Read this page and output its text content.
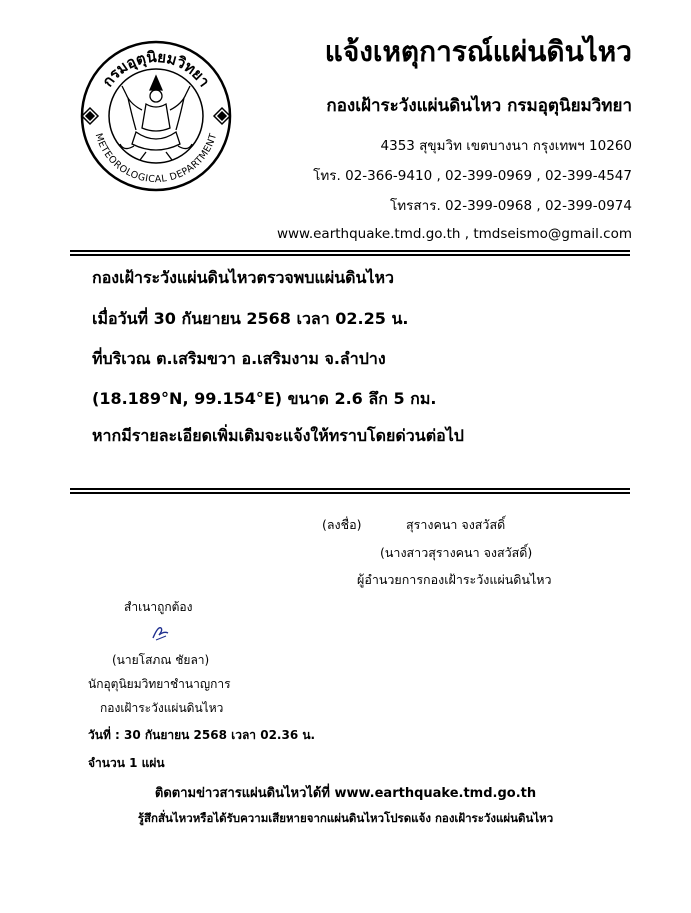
กรมอุตุนิยมวิทยา
METEOROLOGICAL DEPARTMENT
แจ้งเหตุการณ์แผ่นดินไหว
กองเฝ้าระวังแผ่นดินไหว กรมอุตุนิยมวิทยา
4353 สุขุมวิท เขตบางนา กรุงเทพฯ 10260
โทร. 02-366-9410 , 02-399-0969 , 02-399-4547
โทรสาร. 02-399-0968 , 02-399-0974
www.earthquake.tmd.go.th , tmdseismo@gmail.com
กองเฝ้าระวังแผ่นดินไหวตรวจพบแผ่นดินไหว
เมื่อวันที่ 30 กันยายน 2568 เวลา 02.25 น.
ที่บริเวณ ต.เสริมขวา อ.เสริมงาม จ.ลำปาง
(18.189°N, 99.154°E) ขนาด 2.6 ลึก 5 กม.
หากมีรายละเอียดเพิ่มเติมจะแจ้งให้ทราบโดยด่วนต่อไป
(ลงชื่อ)	สุรางคนา จงสวัสดิ์
(นางสาวสุรางคนา จงสวัสดิ์)
ผู้อำนวยการกองเฝ้าระวังแผ่นดินไหว
สำเนาถูกต้อง
(นายโสภณ ชัยลา)
นักอุตุนิยมวิทยาชำนาญการ
กองเฝ้าระวังแผ่นดินไหว
วันที่ : 30 กันยายน 2568 เวลา 02.36 น.
จำนวน 1 แผ่น
ติดตามข่าวสารแผ่นดินไหวได้ที่ www.earthquake.tmd.go.th
รู้สึกสั่นไหวหรือได้รับความเสียหายจากแผ่นดินไหวโปรดแจ้ง กองเฝ้าระวังแผ่นดินไหว
